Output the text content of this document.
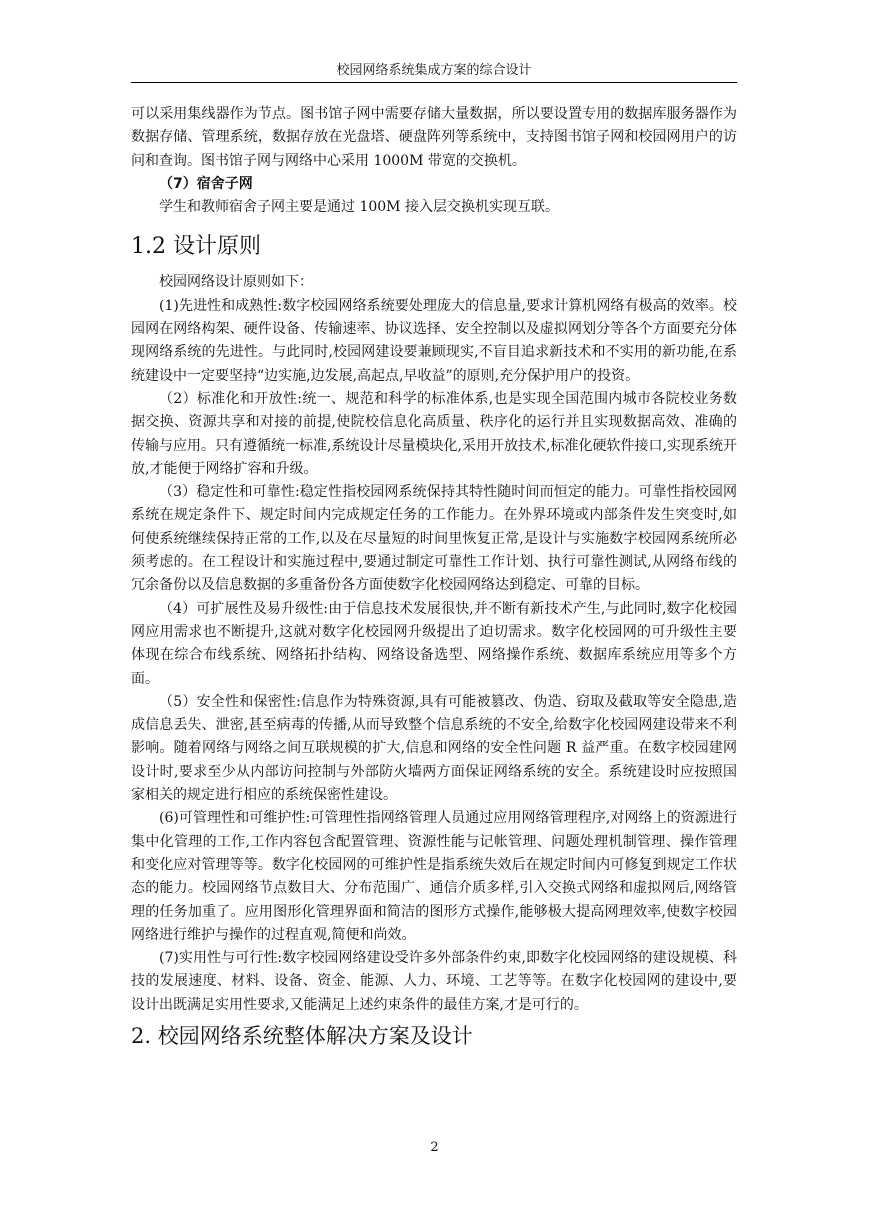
校园网络系统集成方案的综合设计

可以采用集线器作为节点。图书馆子网中需要存储大量数据，所以要设置专用的数据库服务器作为数据存储、管理系统，数据存放在光盘塔、硬盘阵列等系统中，支持图书馆子网和校园网用户的访问和查询。图书馆子网与网络中心采用 1000M 带宽的交换机。

（7）宿舍子网

学生和教师宿舍子网主要是通过 100M 接入层交换机实现互联。

1.2 设计原则

校园网络设计原则如下：

(1)先进性和成熟性:数字校园网络系统要处理庞大的信息量,要求计算机网络有极高的效率。校园网在网络构架、硬件设备、传输速率、协议选择、安全控制以及虚拟网划分等各个方面要充分体现网络系统的先进性。与此同时,校园网建设要兼顾现实,不盲目追求新技术和不实用的新功能,在系统建设中一定要坚持“边实施,边发展,高起点,早收益”的原则,充分保护用户的投资。

（2）标准化和开放性:统一、规范和科学的标准体系,也是实现全国范围内城市各院校业务数据交换、资源共享和对接的前提,使院校信息化高质量、秩序化的运行并且实现数据高效、准确的传输与应用。只有遵循统一标准,系统设计尽量模块化,采用开放技术,标准化硬软件接口,实现系统开放,才能便于网络扩容和升级。

（3）稳定性和可靠性:稳定性指校园网系统保持其特性随时间而恒定的能力。可靠性指校园网系统在规定条件下、规定时间内完成规定任务的工作能力。在外界环境或内部条件发生突变时,如何使系统继续保持正常的工作,以及在尽量短的时间里恢复正常,是设计与实施数字校园网系统所必须考虑的。在工程设计和实施过程中,要通过制定可靠性工作计划、执行可靠性测试,从网络布线的冗余备份以及信息数据的多重备份各方面使数字化校园网络达到稳定、可靠的目标。

（4）可扩展性及易升级性:由于信息技术发展很快,并不断有新技术产生,与此同时,数字化校园网应用需求也不断提升,这就对数字化校园网升级提出了迫切需求。数字化校园网的可升级性主要体现在综合布线系统、网络拓扑结构、网络设备选型、网络操作系统、数据库系统应用等多个方面。

（5）安全性和保密性:信息作为特殊资源,具有可能被篡改、伪造、窃取及截取等安全隐患,造成信息丢失、泄密,甚至病毒的传播,从而导致整个信息系统的不安全,给数字化校园网建设带来不利影响。随着网络与网络之间互联规模的扩大,信息和网络的安全性问题 R 益严重。在数字校园建网设计时,要求至少从内部访问控制与外部防火墙两方面保证网络系统的安全。系统建设时应按照国家相关的规定进行相应的系统保密性建设。

(6)可管理性和可维护性:可管理性指网络管理人员通过应用网络管理程序,对网络上的资源进行集中化管理的工作,工作内容包含配置管理、资源性能与记帐管理、问题处理机制管理、操作管理和变化应对管理等等。数字化校园网的可维护性是指系统失效后在规定时间内可修复到规定工作状态的能力。校园网络节点数目大、分布范围广、通信介质多样,引入交换式网络和虚拟网后,网络管理的任务加重了。应用图形化管理界面和简洁的图形方式操作,能够极大提高网理效率,使数字校园网络进行维护与操作的过程直观,简便和尚效。

(7)实用性与可行性:数字校园网络建设受许多外部条件约束,即数字化校园网络的建设规模、科技的发展速度、材料、设备、资金、能源、人力、环境、工艺等等。在数字化校园网的建设中,要设计出既满足实用性要求,又能满足上述约束条件的最佳方案,才是可行的。

2. 校园网络系统整体解决方案及设计
2
